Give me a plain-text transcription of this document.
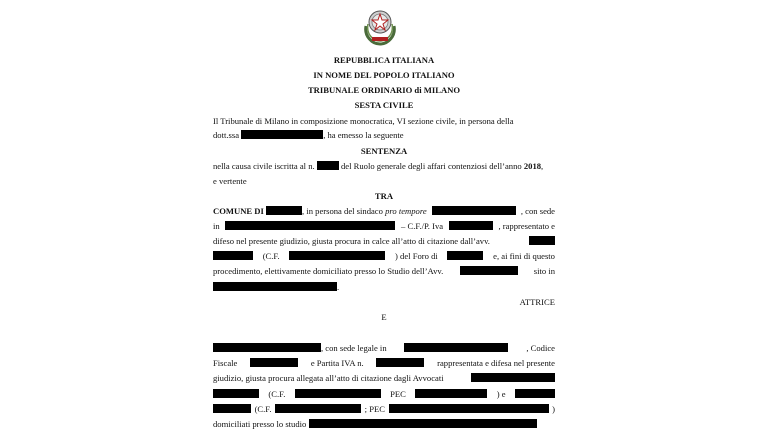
REPUBBLICA ITALIANA
IN NOME DEL POPOLO ITALIANO
TRIBUNALE ORDINARIO di MILANO
SESTA CIVILE
Il Tribunale di Milano in composizione monocratica, VI sezione civile, in persona della
dott.ssa	, ha emesso la seguente
SENTENZA
nella causa civile iscritta al n.	del Ruolo generale degli affari contenziosi dell’anno 2018,
e vertente
TRA
COMUNE DI	, in persona del sindaco pro tempore	, con sede
in	– C.F./P. Iva	, rappresentato e
difeso nel presente giudizio, giusta procura in calce all’atto di citazione dall’avv.
(C.F.	) del Foro di	e, ai fini di questo
procedimento, elettivamente domiciliato presso lo Studio dell’Avv.	sito in
.
ATTRICE
E
, con sede legale in	, Codice
Fiscale	e Partita IVA n.	rappresentata e difesa nel presente
giudizio, giusta procura allegata all’atto di citazione dagli Avvocati
(C.F.	PEC	) e
(C.F.	; PEC	)
domiciliati presso lo studio
